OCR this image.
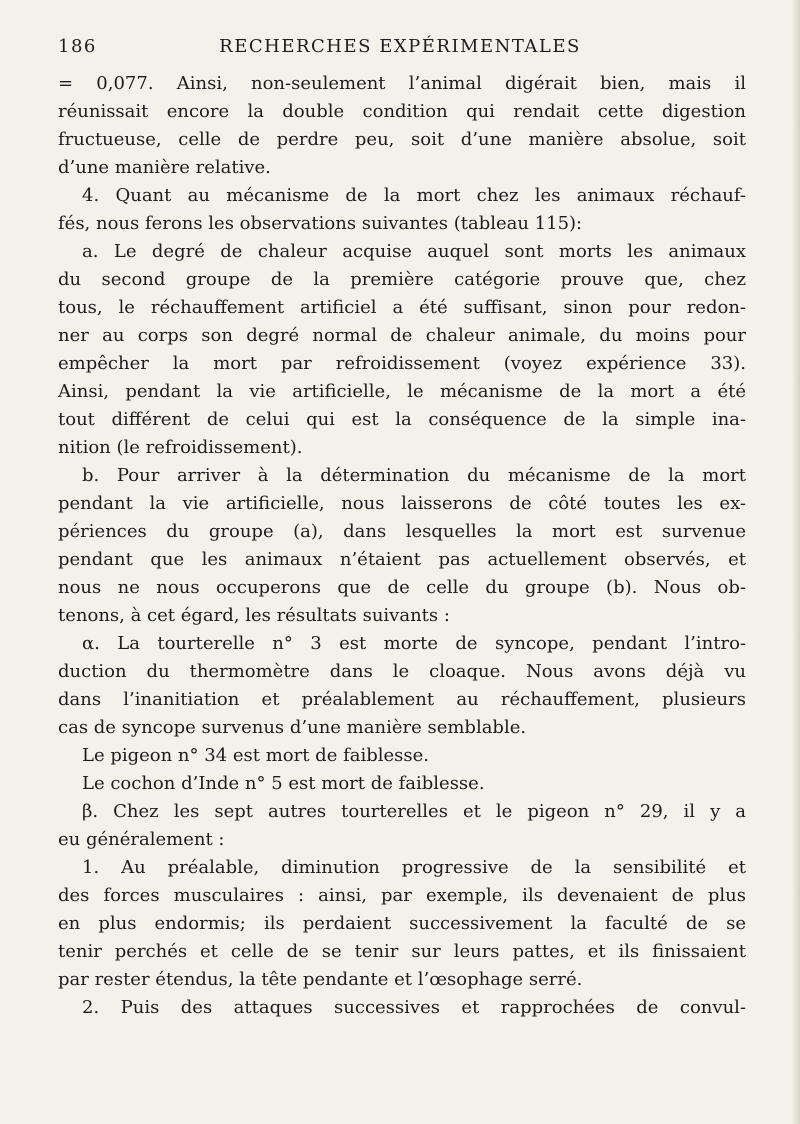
186	RECHERCHES EXPÉRIMENTALES
= 0,077. Ainsi, non-seulement l’animal digérait bien, mais il
réunissait encore la double condition qui rendait cette digestion
fructueuse, celle de perdre peu, soit d’une manière absolue, soit
d’une manière relative.
4. Quant au mécanisme de la mort chez les animaux réchauf-
fés, nous ferons les observations suivantes (tableau 115):
a. Le degré de chaleur acquise auquel sont morts les animaux
du second groupe de la première catégorie prouve que, chez
tous, le réchauffement artificiel a été suffisant, sinon pour redon-
ner au corps son degré normal de chaleur animale, du moins pour
empêcher la mort par refroidissement (voyez expérience 33).
Ainsi, pendant la vie artificielle, le mécanisme de la mort a été
tout différent de celui qui est la conséquence de la simple ina-
nition (le refroidissement).
b. Pour arriver à la détermination du mécanisme de la mort
pendant la vie artificielle, nous laisserons de côté toutes les ex-
périences du groupe (a), dans lesquelles la mort est survenue
pendant que les animaux n’étaient pas actuellement observés, et
nous ne nous occuperons que de celle du groupe (b). Nous ob-
tenons, à cet égard, les résultats suivants :
α. La tourterelle n° 3 est morte de syncope, pendant l’intro-
duction du thermomètre dans le cloaque. Nous avons déjà vu
dans l’inanitiation et préalablement au réchauffement, plusieurs
cas de syncope survenus d’une manière semblable.
Le pigeon n° 34 est mort de faiblesse.
Le cochon d’Inde n° 5 est mort de faiblesse.
β. Chez les sept autres tourterelles et le pigeon n° 29, il y a
eu généralement :
1. Au préalable, diminution progressive de la sensibilité et
des forces musculaires : ainsi, par exemple, ils devenaient de plus
en plus endormis; ils perdaient successivement la faculté de se
tenir perchés et celle de se tenir sur leurs pattes, et ils finissaient
par rester étendus, la tête pendante et l’œsophage serré.
2. Puis des attaques successives et rapprochées de convul-
